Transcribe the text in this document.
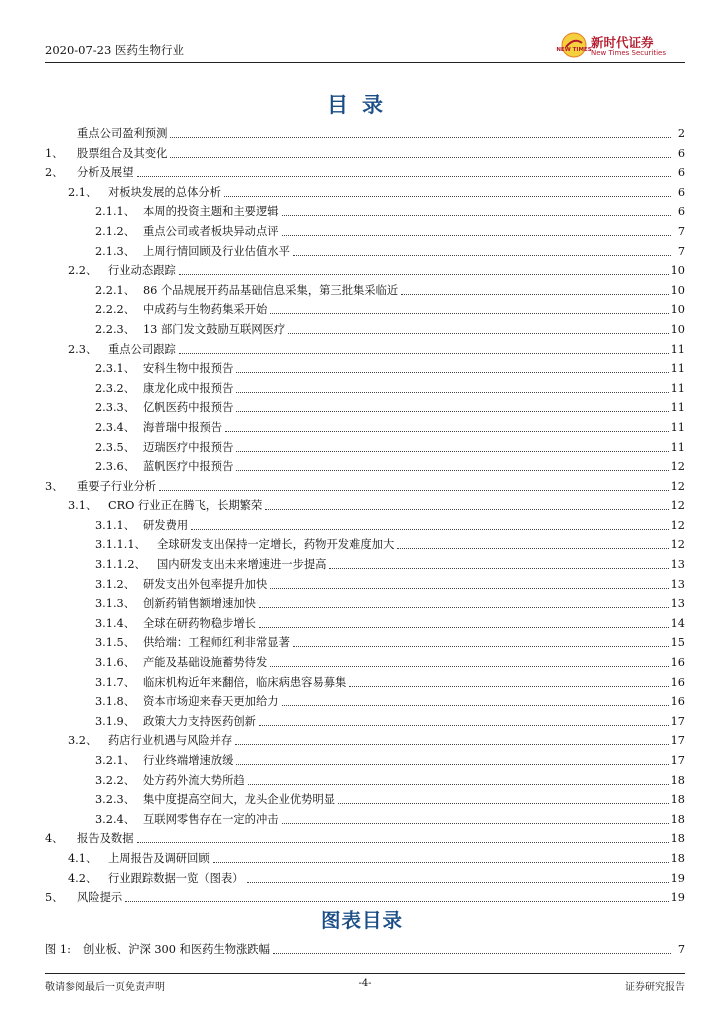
2020-07-23 医药生物行业	NEW TIMES 新时代证券
New Times Securities
目录
重点公司盈利预测	2
1、	股票组合及其变化	6
2、	分析及展望	6
2.1、 对板块发展的总体分析	6
2.1.1、 本周的投资主题和主要逻辑	6
2.1.2、 重点公司或者板块异动点评	7
2.1.3、 上周行情回顾及行业估值水平	7
2.2、 行业动态跟踪	10
2.2.1、 86 个品规展开药品基础信息采集，第三批集采临近	10
2.2.2、 中成药与生物药集采开始	10
2.2.3、 13 部门发文鼓励互联网医疗	10
2.3、 重点公司跟踪	11
2.3.1、 安科生物中报预告	11
2.3.2、 康龙化成中报预告	11
2.3.3、 亿帆医药中报预告	11
2.3.4、 海普瑞中报预告	11
2.3.5、 迈瑞医疗中报预告	11
2.3.6、 蓝帆医疗中报预告	12
3、	重要子行业分析	12
3.1、 CRO 行业正在腾飞，长期繁荣	12
3.1.1、 研发费用	12
3.1.1.1、 全球研发支出保持一定增长，药物开发难度加大	12
3.1.1.2、 国内研发支出未来增速进一步提高	13
3.1.2、 研发支出外包率提升加快	13
3.1.3、 创新药销售额增速加快	13
3.1.4、 全球在研药物稳步增长	14
3.1.5、 供给端：工程师红利非常显著	15
3.1.6、 产能及基础设施蓄势待发	16
3.1.7、 临床机构近年来翻倍，临床病患容易募集	16
3.1.8、 资本市场迎来春天更加给力	16
3.1.9、 政策大力支持医药创新	17
3.2、 药店行业机遇与风险并存	17
3.2.1、 行业终端增速放缓	17
3.2.2、 处方药外流大势所趋	18
3.2.3、 集中度提高空间大，龙头企业优势明显	18
3.2.4、 互联网零售存在一定的冲击	18
4、	报告及数据	18
4.1、 上周报告及调研回顾	18
4.2、 行业跟踪数据一览（图表）	19
5、	风险提示	19
图表目录
图 1:	创业板、沪深 300 和医药生物涨跌幅	7
敬请参阅最后一页免责声明	-4-	证券研究报告
